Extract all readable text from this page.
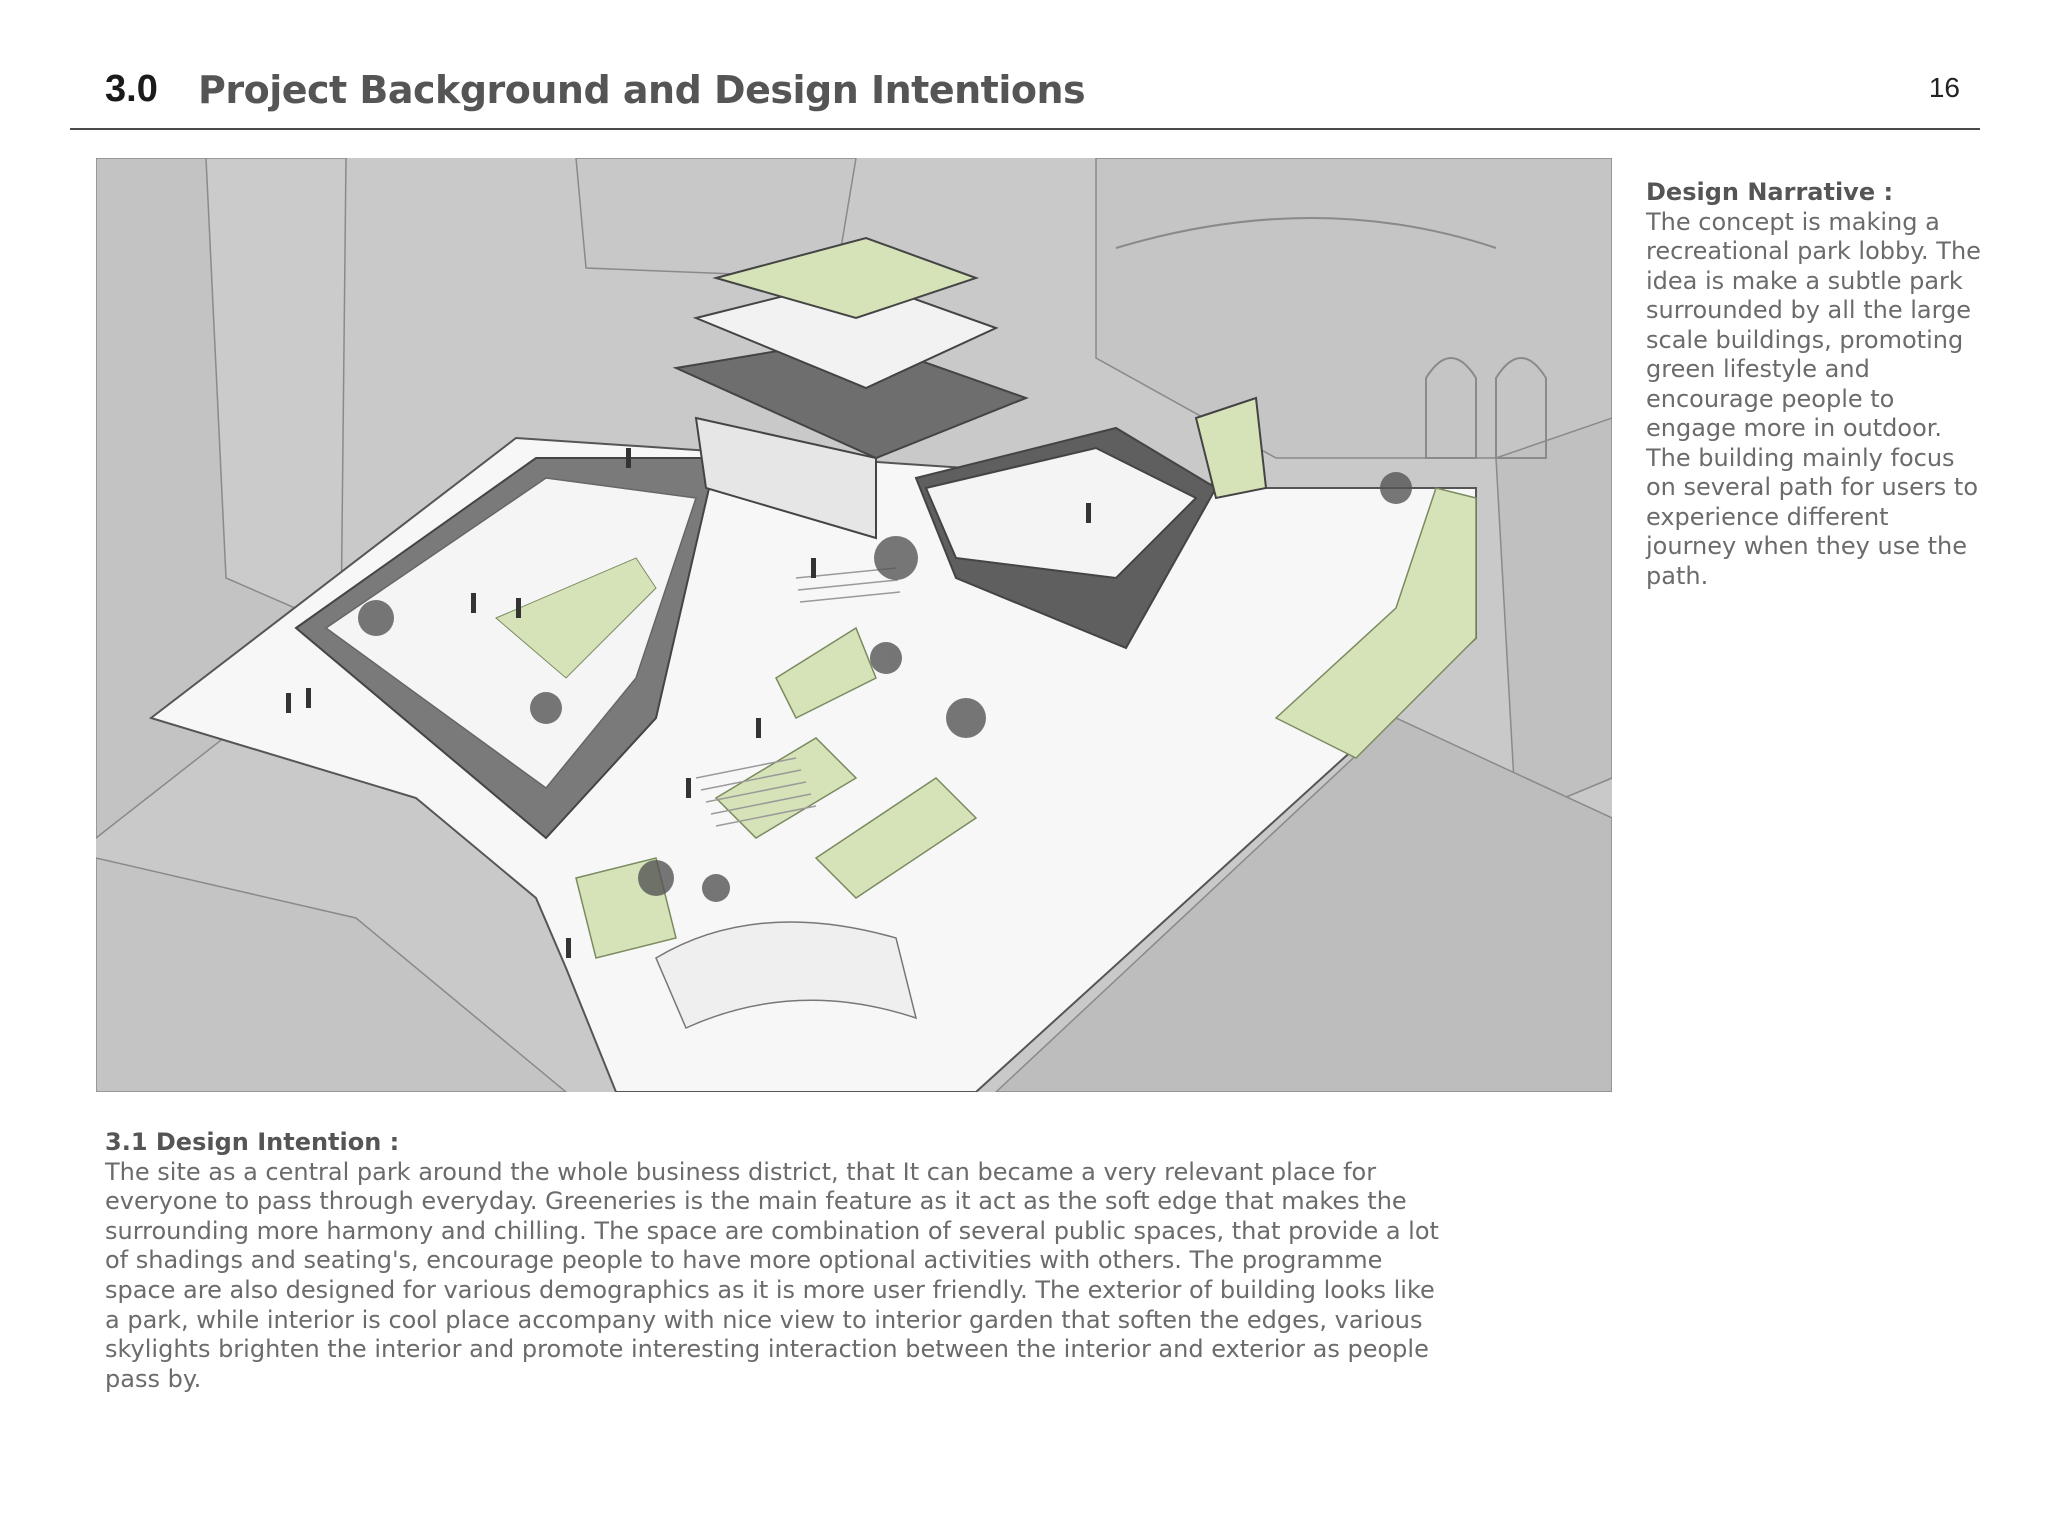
3.0 Project Background and Design Intentions	16
Design Narrative :
The concept is making a recreational park lobby. The idea is make a subtle park surrounded by all the large scale buildings, promoting green lifestyle and encourage people to engage more in outdoor. The building mainly focus on several path for users to experience different journey when they use the path.
3.1 Design Intention :
The site as a central park around the whole business district, that It can became a very relevant place for everyone to pass through everyday. Greeneries is the main feature as it act as the soft edge that makes the surrounding more harmony and chilling. The space are combination of several public spaces, that provide a lot of shadings and seating's, encourage people to have more optional activities with others. The programme space are also designed for various demographics as it is more user friendly. The exterior of building looks like a park, while interior is cool place accompany with nice view to interior garden that soften the edges, various skylights brighten the interior and promote interesting interaction between the interior and exterior as people pass by.
